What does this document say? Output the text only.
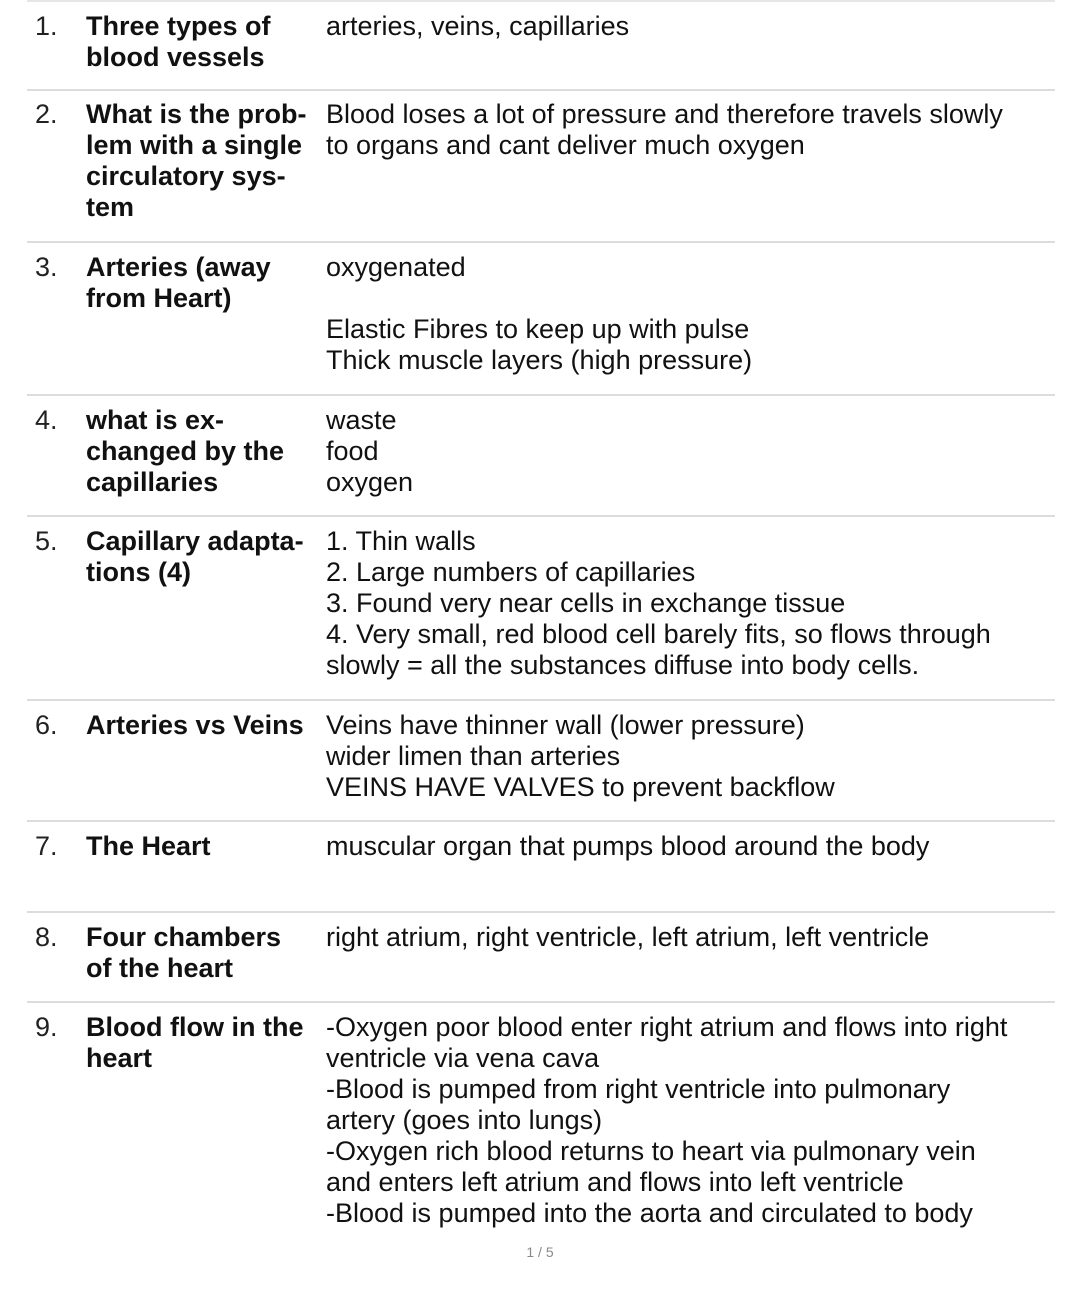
1. Three types of
blood vessels
arteries, veins, capillaries
2. What is the prob-
lem with a single
circulatory sys-
tem
Blood loses a lot of pressure and therefore travels slowly
to organs and cant deliver much oxygen
3. Arteries (away
from Heart)
oxygenated
Elastic Fibres to keep up with pulse
Thick muscle layers (high pressure)
4. what is ex-
changed by the
capillaries
waste
food
oxygen
5. Capillary adapta-
tions (4)
1. Thin walls
2. Large numbers of capillaries
3. Found very near cells in exchange tissue
4. Very small, red blood cell barely fits, so flows through
slowly = all the substances diffuse into body cells.
6. Arteries vs Veins Veins have thinner wall (lower pressure)
wider limen than arteries
VEINS HAVE VALVES to prevent backflow
7. The Heart	muscular organ that pumps blood around the body
8. Four chambers
of the heart
right atrium, right ventricle, left atrium, left ventricle
9. Blood flow in the
heart
-Oxygen poor blood enter right atrium and flows into right
ventricle via vena cava
-Blood is pumped from right ventricle into pulmonary
artery (goes into lungs)
-Oxygen rich blood returns to heart via pulmonary vein
and enters left atrium and flows into left ventricle
-Blood is pumped into the aorta and circulated to body
1 / 5
